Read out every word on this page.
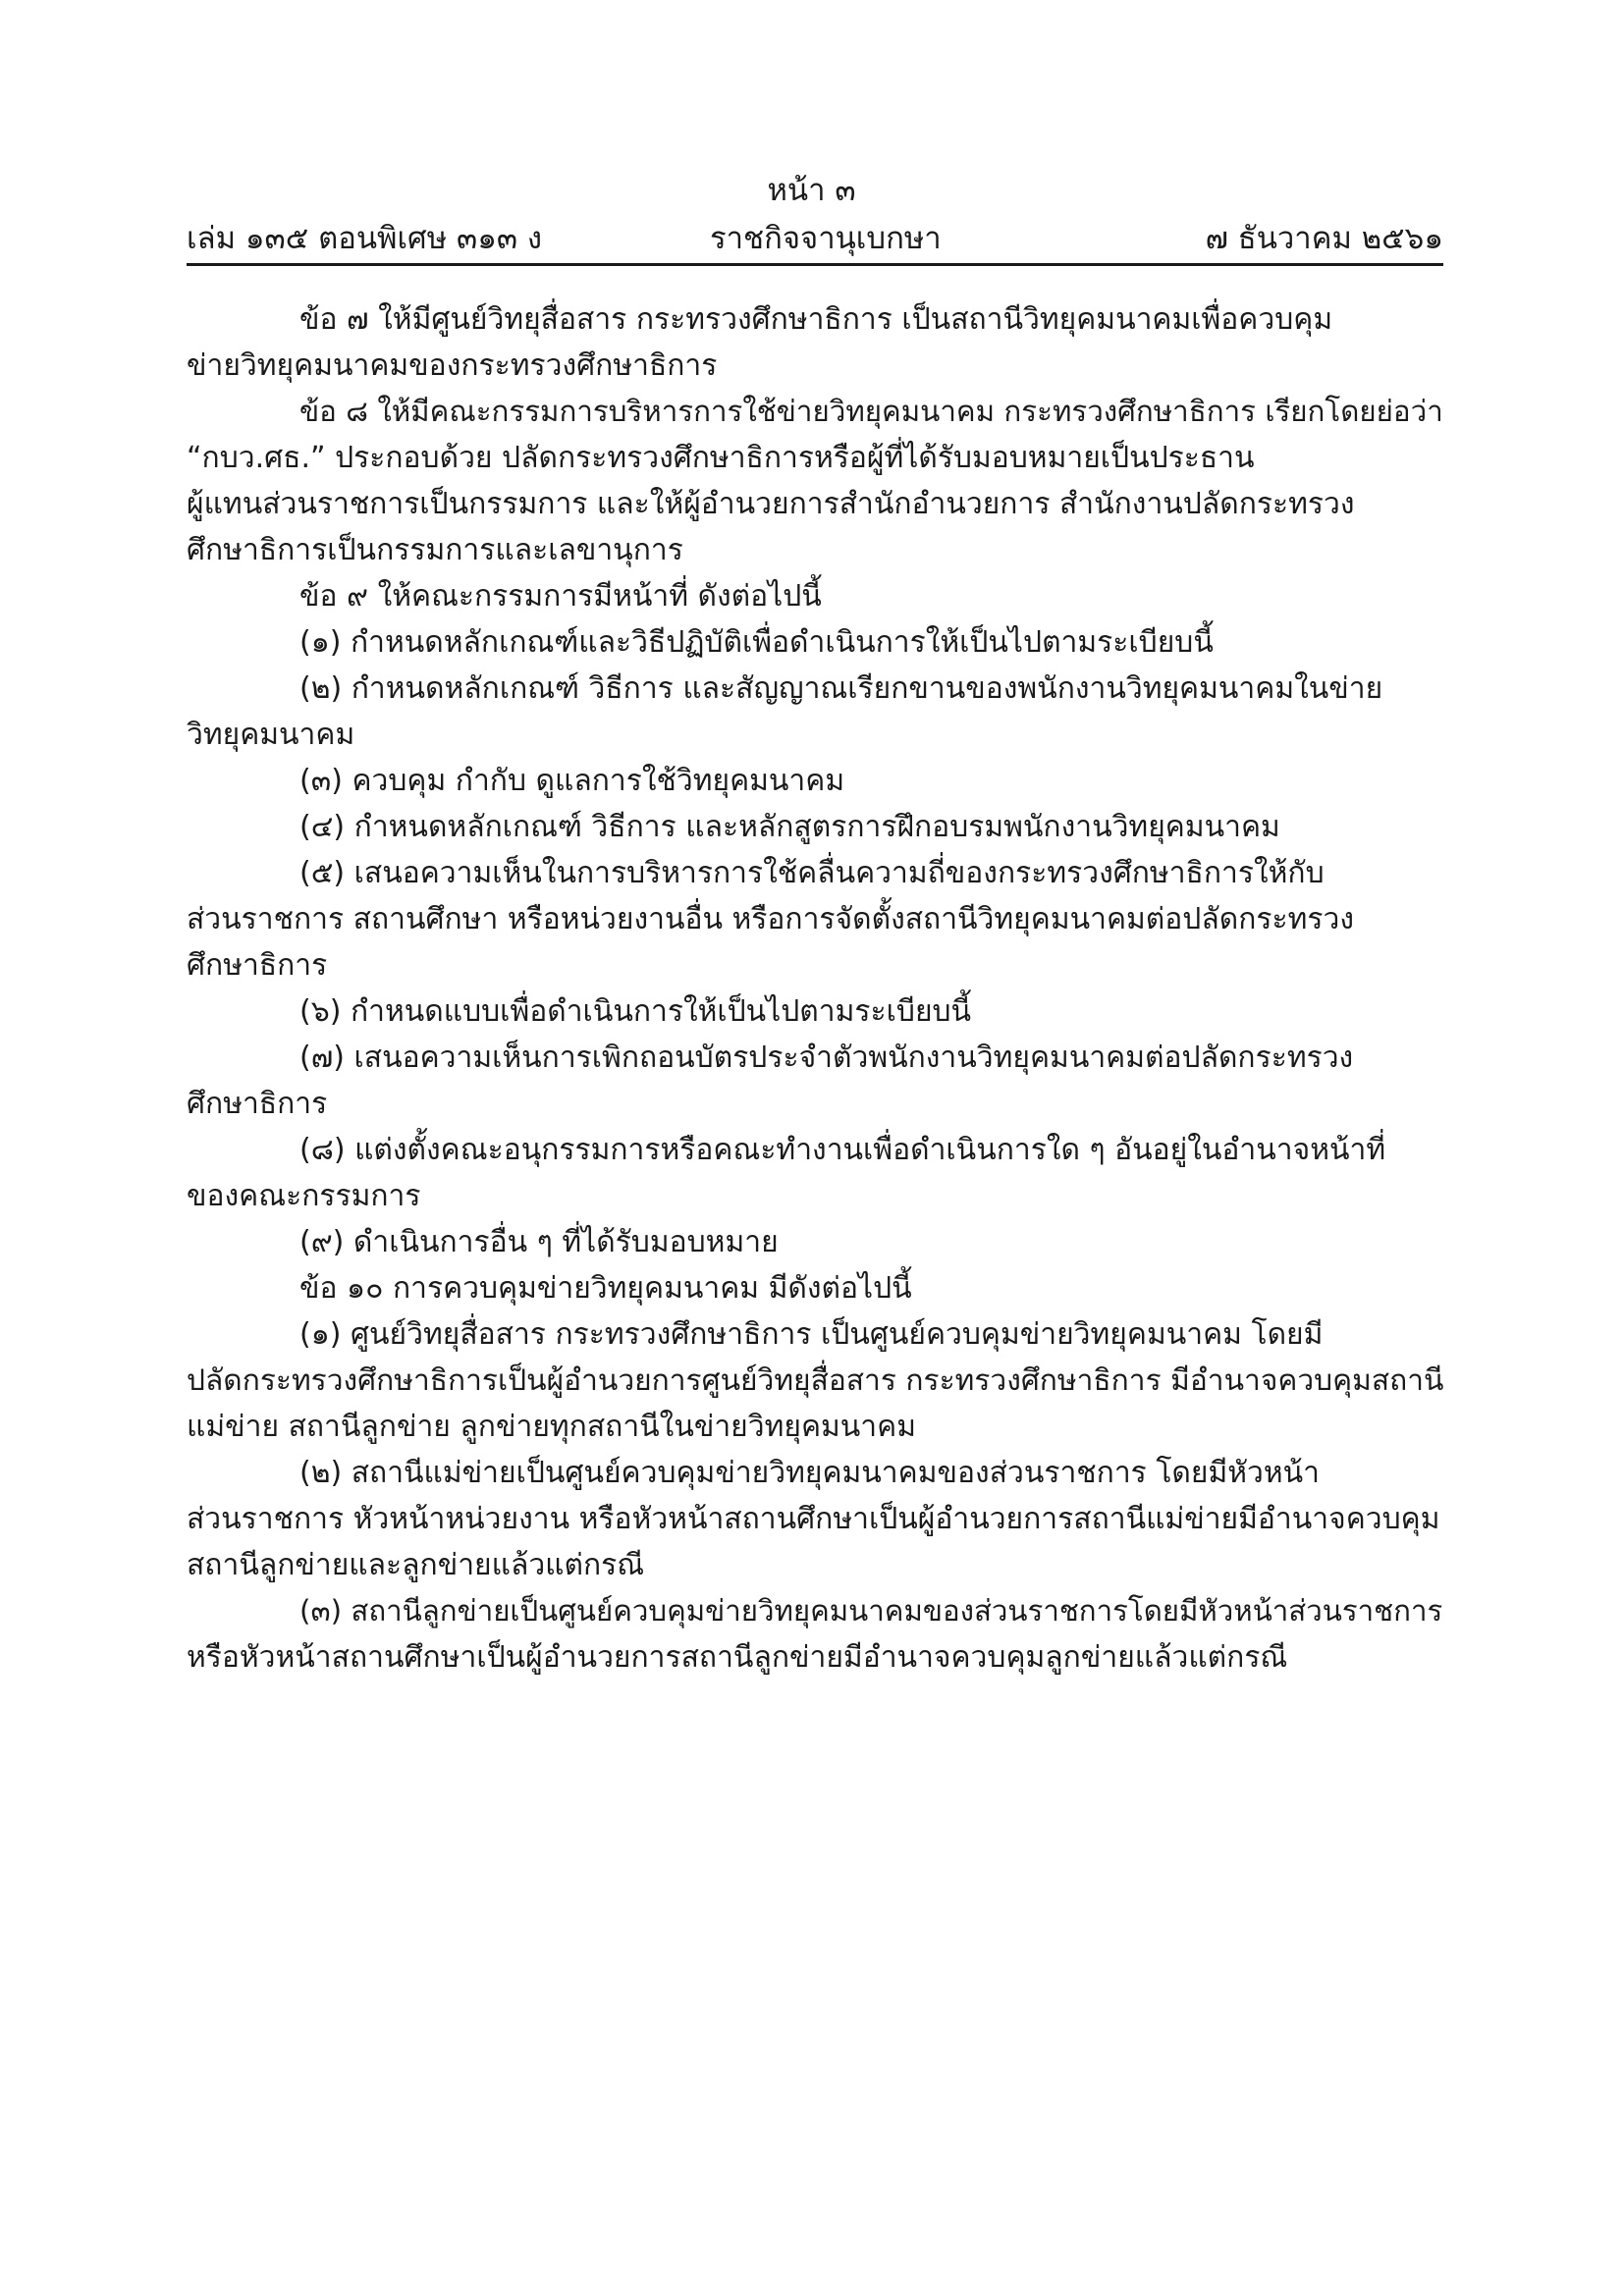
หน้า ๓
เล่ม ๑๓๕ ตอนพิเศษ ๓๑๓ ง	ราชกิจจานุเบกษา	๗ ธันวาคม ๒๕๖๑

ข้อ ๗ ให้มีศูนย์วิทยุสื่อสาร กระทรวงศึกษาธิการ เป็นสถานีวิทยุคมนาคมเพื่อควบคุม
ข่ายวิทยุคมนาคมของกระทรวงศึกษาธิการ

ข้อ ๘ ให้มีคณะกรรมการบริหารการใช้ข่ายวิทยุคมนาคม กระทรวงศึกษาธิการ เรียกโดยย่อว่า
“กบว.ศธ.” ประกอบด้วย ปลัดกระทรวงศึกษาธิการหรือผู้ที่ได้รับมอบหมายเป็นประธาน
ผู้แทนส่วนราชการเป็นกรรมการ และให้ผู้อำนวยการสำนักอำนวยการ สำนักงานปลัดกระทรวง
ศึกษาธิการเป็นกรรมการและเลขานุการ

ข้อ ๙ ให้คณะกรรมการมีหน้าที่ ดังต่อไปนี้

(๑) กำหนดหลักเกณฑ์และวิธีปฏิบัติเพื่อดำเนินการให้เป็นไปตามระเบียบนี้

(๒) กำหนดหลักเกณฑ์ วิธีการ และสัญญาณเรียกขานของพนักงานวิทยุคมนาคมในข่าย
วิทยุคมนาคม

(๓) ควบคุม กำกับ ดูแลการใช้วิทยุคมนาคม

(๔) กำหนดหลักเกณฑ์ วิธีการ และหลักสูตรการฝึกอบรมพนักงานวิทยุคมนาคม

(๕) เสนอความเห็นในการบริหารการใช้คลื่นความถี่ของกระทรวงศึกษาธิการให้กับ
ส่วนราชการ สถานศึกษา หรือหน่วยงานอื่น หรือการจัดตั้งสถานีวิทยุคมนาคมต่อปลัดกระทรวง
ศึกษาธิการ

(๖) กำหนดแบบเพื่อดำเนินการให้เป็นไปตามระเบียบนี้

(๗) เสนอความเห็นการเพิกถอนบัตรประจำตัวพนักงานวิทยุคมนาคมต่อปลัดกระทรวง
ศึกษาธิการ

(๘) แต่งตั้งคณะอนุกรรมการหรือคณะทำงานเพื่อดำเนินการใด ๆ อันอยู่ในอำนาจหน้าที่
ของคณะกรรมการ

(๙) ดำเนินการอื่น ๆ ที่ได้รับมอบหมาย

ข้อ ๑๐ การควบคุมข่ายวิทยุคมนาคม มีดังต่อไปนี้

(๑) ศูนย์วิทยุสื่อสาร กระทรวงศึกษาธิการ เป็นศูนย์ควบคุมข่ายวิทยุคมนาคม โดยมี
ปลัดกระทรวงศึกษาธิการเป็นผู้อำนวยการศูนย์วิทยุสื่อสาร กระทรวงศึกษาธิการ มีอำนาจควบคุมสถานี
แม่ข่าย สถานีลูกข่าย ลูกข่ายทุกสถานีในข่ายวิทยุคมนาคม

(๒) สถานีแม่ข่ายเป็นศูนย์ควบคุมข่ายวิทยุคมนาคมของส่วนราชการ โดยมีหัวหน้า
ส่วนราชการ หัวหน้าหน่วยงาน หรือหัวหน้าสถานศึกษาเป็นผู้อำนวยการสถานีแม่ข่ายมีอำนาจควบคุม
สถานีลูกข่ายและลูกข่ายแล้วแต่กรณี

(๓) สถานีลูกข่ายเป็นศูนย์ควบคุมข่ายวิทยุคมนาคมของส่วนราชการโดยมีหัวหน้าส่วนราชการ
หรือหัวหน้าสถานศึกษาเป็นผู้อำนวยการสถานีลูกข่ายมีอำนาจควบคุมลูกข่ายแล้วแต่กรณี
